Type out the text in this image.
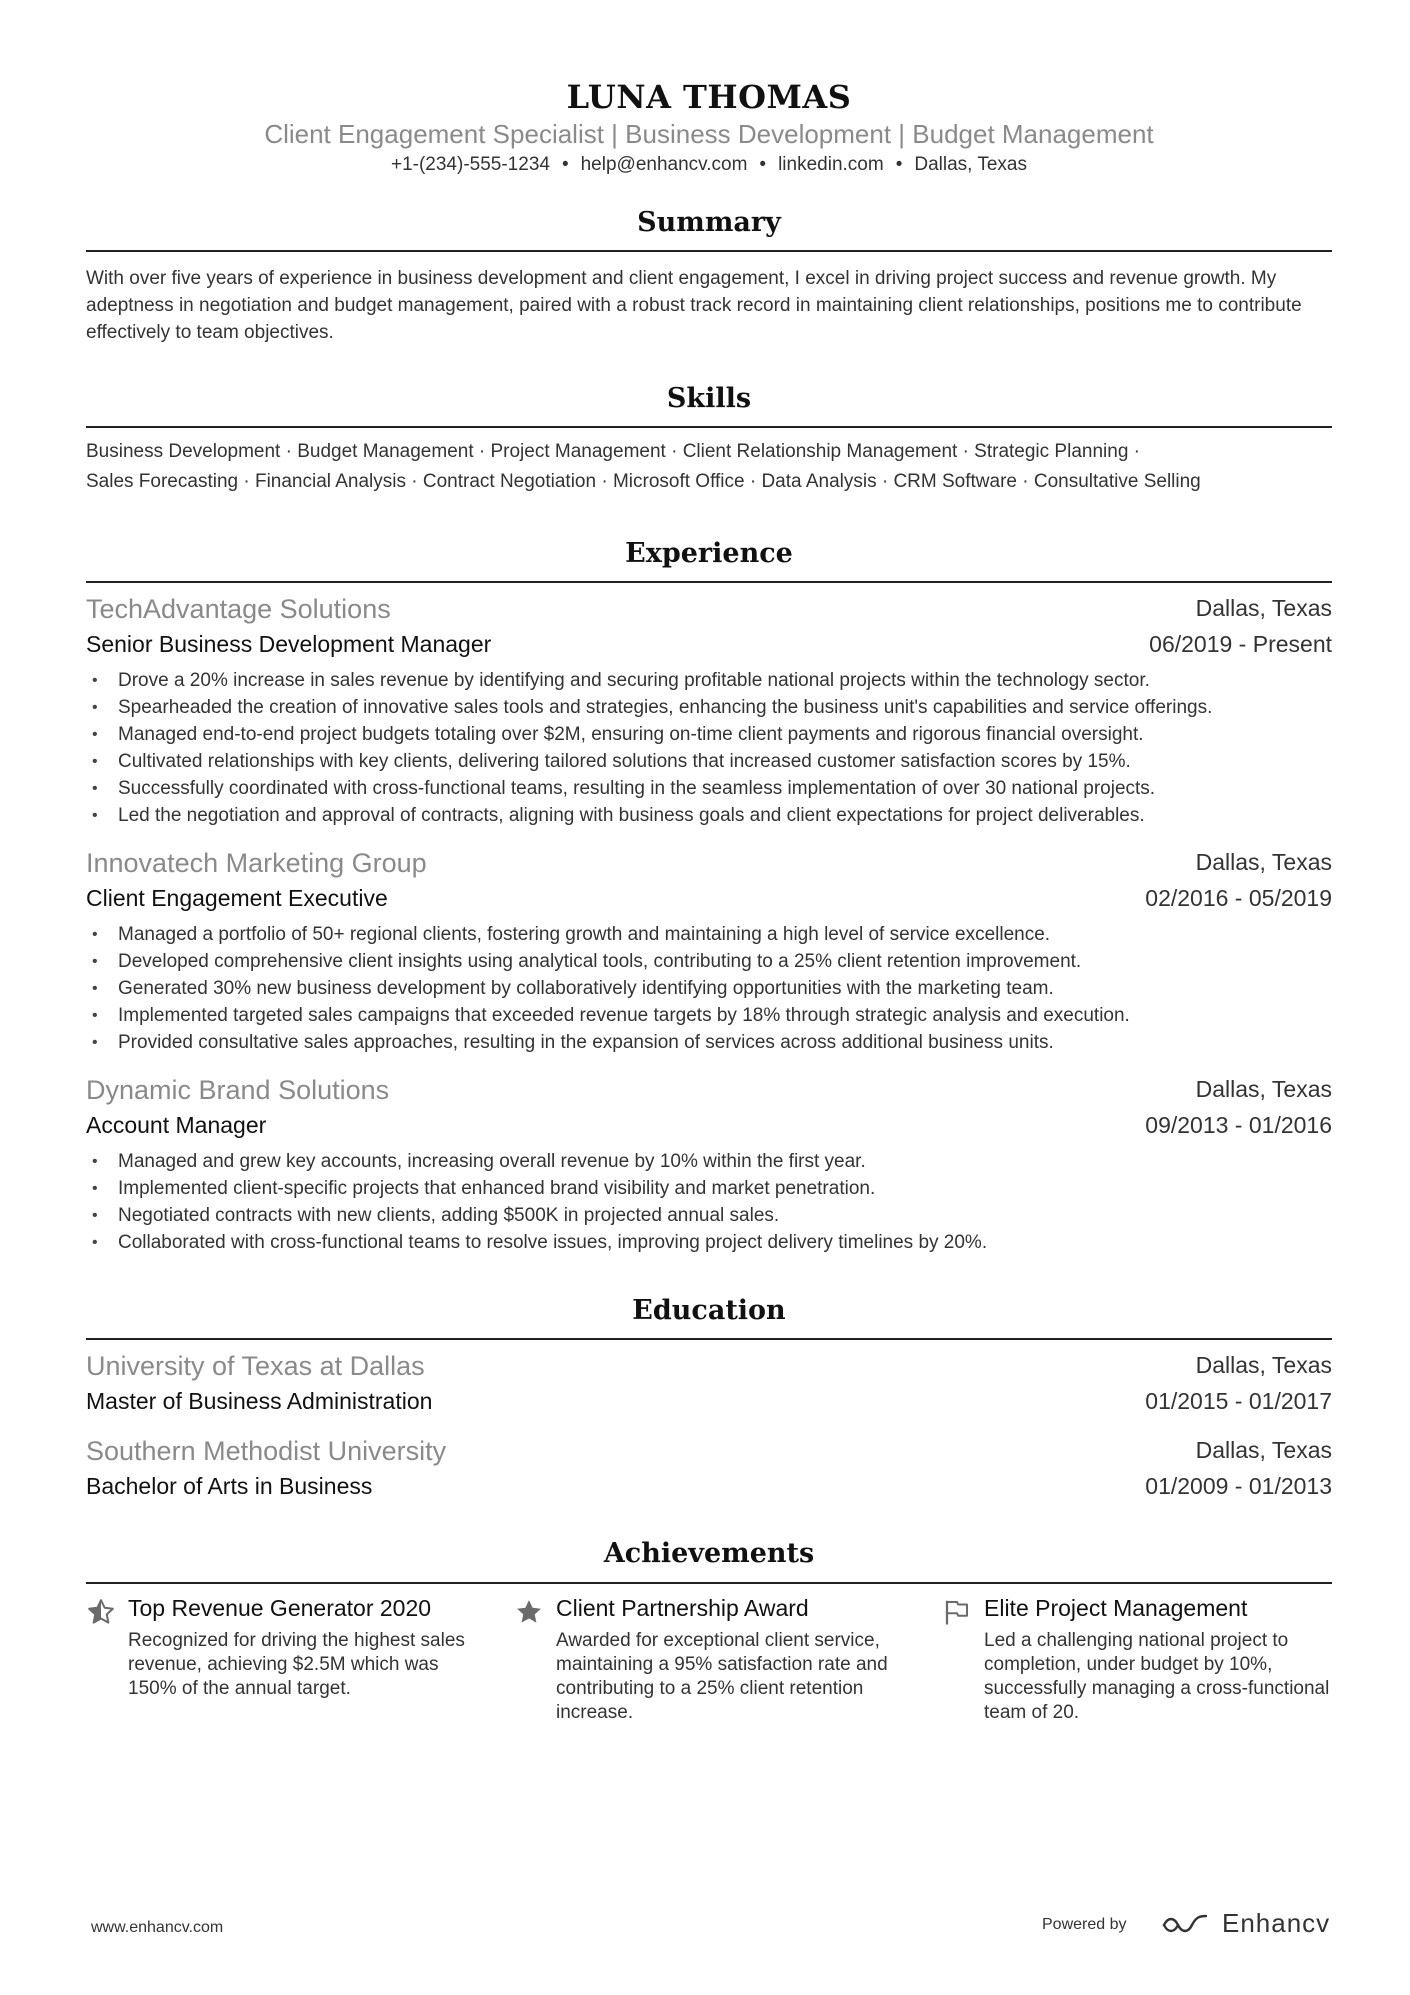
LUNA THOMAS
Client Engagement Specialist | Business Development | Budget Management
+1-(234)-555-1234 • help@enhancv.com • linkedin.com • Dallas, Texas
Summary
With over five years of experience in business development and client engagement, I excel in driving project success and revenue growth. My adeptness in negotiation and budget management, paired with a robust track record in maintaining client relationships, positions me to contribute effectively to team objectives.
Skills
Business Development · Budget Management · Project Management · Client Relationship Management · Strategic Planning ·
Sales Forecasting · Financial Analysis · Contract Negotiation · Microsoft Office · Data Analysis · CRM Software · Consultative Selling
Experience
TechAdvantage Solutions	Dallas, Texas
Senior Business Development Manager	06/2019 - Present
• Drove a 20% increase in sales revenue by identifying and securing profitable national projects within the technology sector.
• Spearheaded the creation of innovative sales tools and strategies, enhancing the business unit's capabilities and service offerings.
• Managed end-to-end project budgets totaling over $2M, ensuring on-time client payments and rigorous financial oversight.
• Cultivated relationships with key clients, delivering tailored solutions that increased customer satisfaction scores by 15%.
• Successfully coordinated with cross-functional teams, resulting in the seamless implementation of over 30 national projects.
• Led the negotiation and approval of contracts, aligning with business goals and client expectations for project deliverables.
Innovatech Marketing Group	Dallas, Texas
Client Engagement Executive	02/2016 - 05/2019
• Managed a portfolio of 50+ regional clients, fostering growth and maintaining a high level of service excellence.
• Developed comprehensive client insights using analytical tools, contributing to a 25% client retention improvement.
• Generated 30% new business development by collaboratively identifying opportunities with the marketing team.
• Implemented targeted sales campaigns that exceeded revenue targets by 18% through strategic analysis and execution.
• Provided consultative sales approaches, resulting in the expansion of services across additional business units.
Dynamic Brand Solutions	Dallas, Texas
Account Manager	09/2013 - 01/2016
• Managed and grew key accounts, increasing overall revenue by 10% within the first year.
• Implemented client-specific projects that enhanced brand visibility and market penetration.
• Negotiated contracts with new clients, adding $500K in projected annual sales.
• Collaborated with cross-functional teams to resolve issues, improving project delivery timelines by 20%.
Education
University of Texas at Dallas	Dallas, Texas
Master of Business Administration	01/2015 - 01/2017
Southern Methodist University	Dallas, Texas
Bachelor of Arts in Business	01/2009 - 01/2013
Achievements
Top Revenue Generator 2020
Recognized for driving the highest sales revenue, achieving $2.5M which was 150% of the annual target.
Client Partnership Award
Awarded for exceptional client service, maintaining a 95% satisfaction rate and contributing to a 25% client retention increase.
Elite Project Management
Led a challenging national project to completion, under budget by 10%, successfully managing a cross-functional team of 20.
www.enhancv.com	Powered by	Enhancv
